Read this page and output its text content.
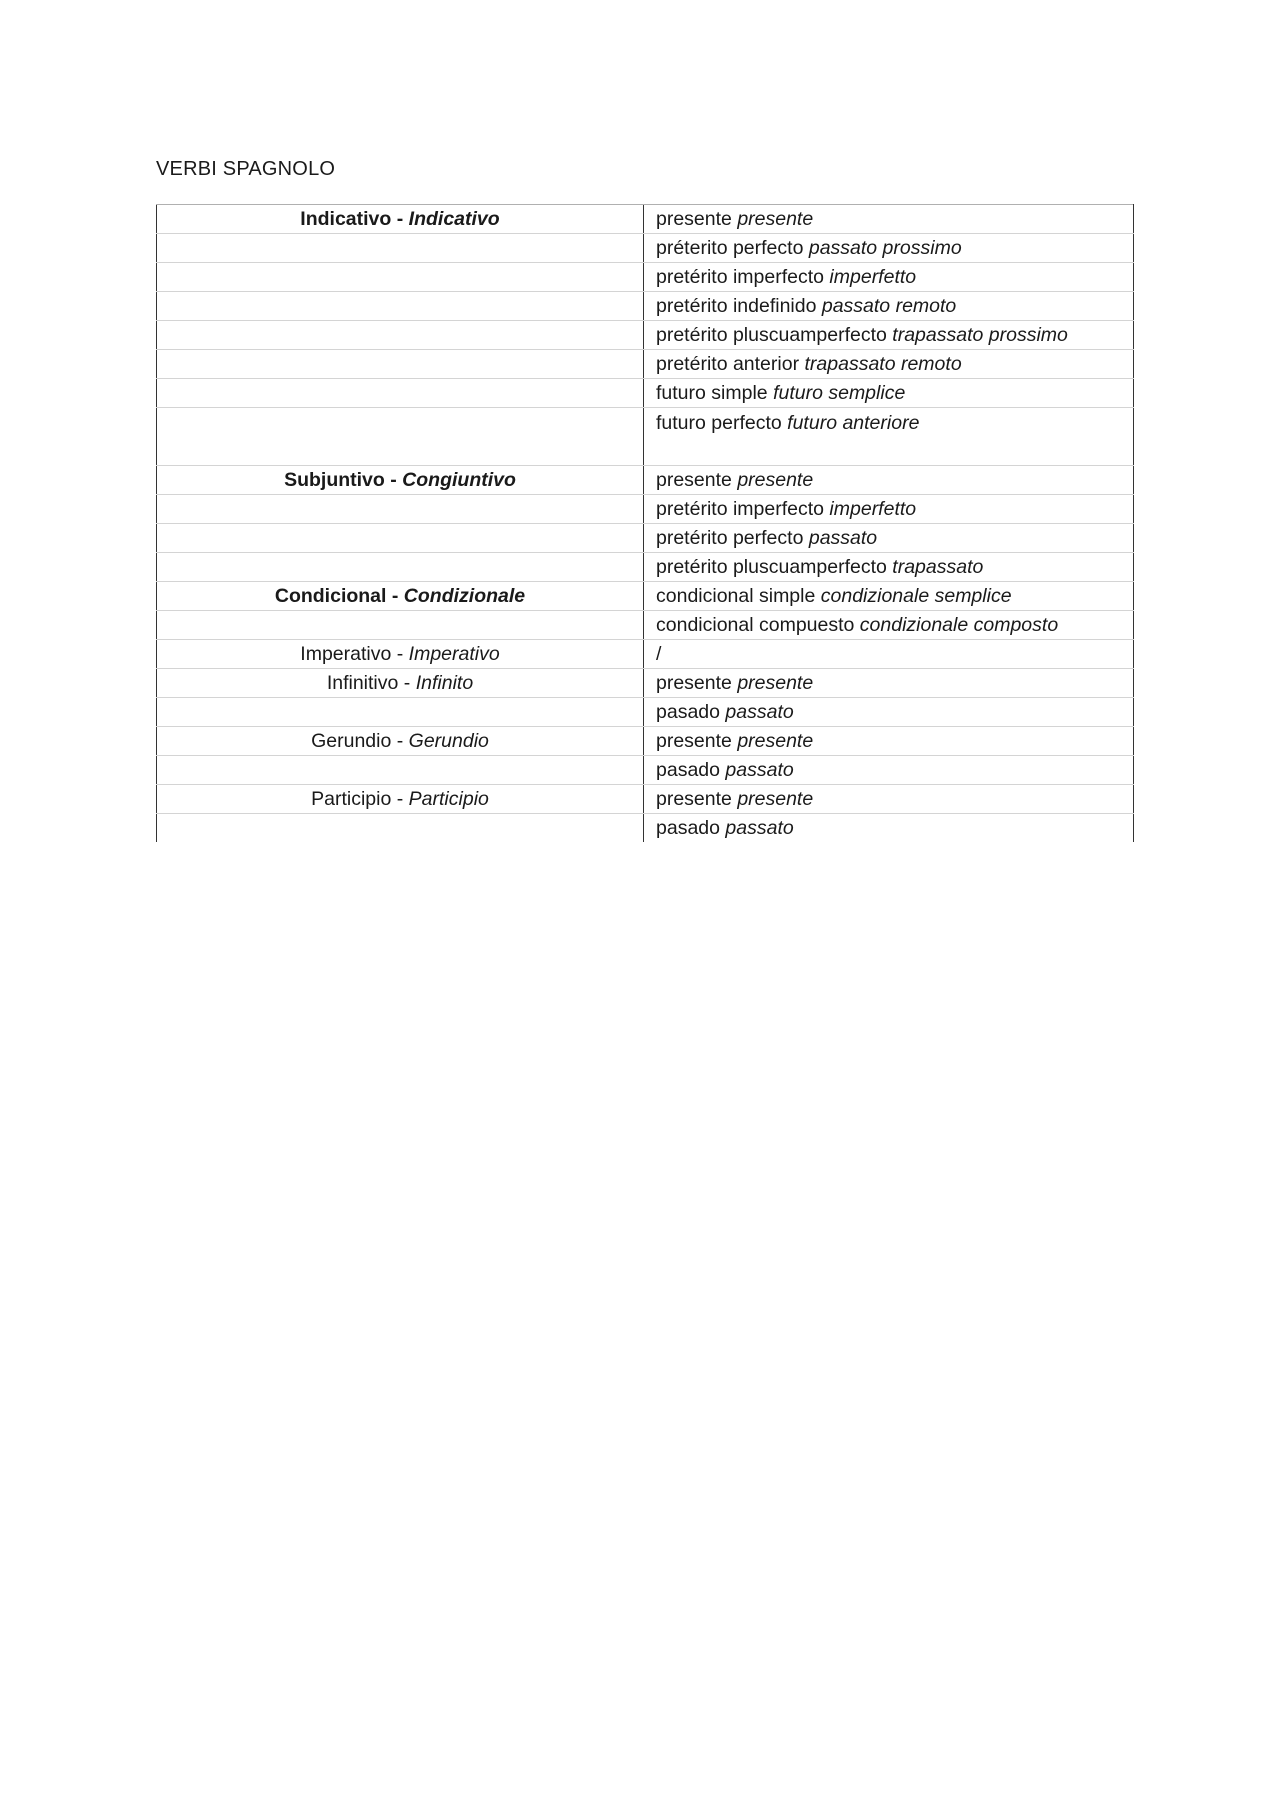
VERBI SPAGNOLO
Indicativo - Indicativo	presente presente
	préterito perfecto passato prossimo
	pretérito imperfecto imperfetto
	pretérito indefinido passato remoto
	pretérito pluscuamperfecto trapassato prossimo
	pretérito anterior trapassato remoto
	futuro simple futuro semplice
	futuro perfecto futuro anteriore
Subjuntivo - Congiuntivo	presente presente
	pretérito imperfecto imperfetto
	pretérito perfecto passato
	pretérito pluscuamperfecto trapassato
Condicional - Condizionale	condicional simple condizionale semplice
	condicional compuesto condizionale composto
Imperativo - Imperativo	/
Infinitivo - Infinito	presente presente
	pasado passato
Gerundio - Gerundio	presente presente
	pasado passato
Participio - Participio	presente presente
	pasado passato
